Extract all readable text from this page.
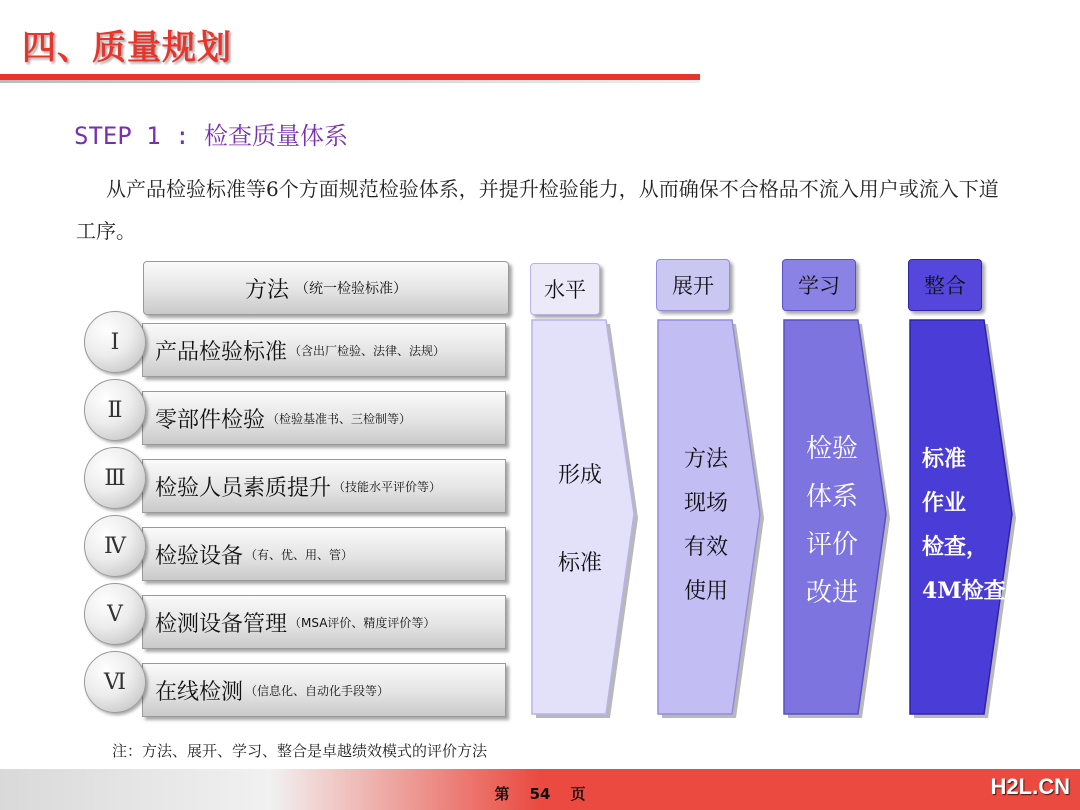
四、质量规划
STEP 1 : 检查质量体系
从产品检验标准等6个方面规范检验体系，并提升检验能力，从而确保不合格品不流入用户或流入下道工序。
方法 （统一检验标准）
产品检验标准 （含出厂检验、法律、法规）
Ⅰ
零部件检验 （检验基准书、三检制等）
Ⅱ
检验人员素质提升 （技能水平评价等）
Ⅲ
检验设备 （有、优、用、管）
Ⅳ
检测设备管理 （MSA评价、精度评价等）
Ⅴ
在线检测 （信息化、自动化手段等）
Ⅵ
水平
形成
标准
展开
方法
现场
有效
使用
学习
检验
体系
评价
改进
整合
标准
作业
检查，
4M检查
注：方法、展开、学习、整合是卓越绩效模式的评价方法
第 54 页	H2L.CN
